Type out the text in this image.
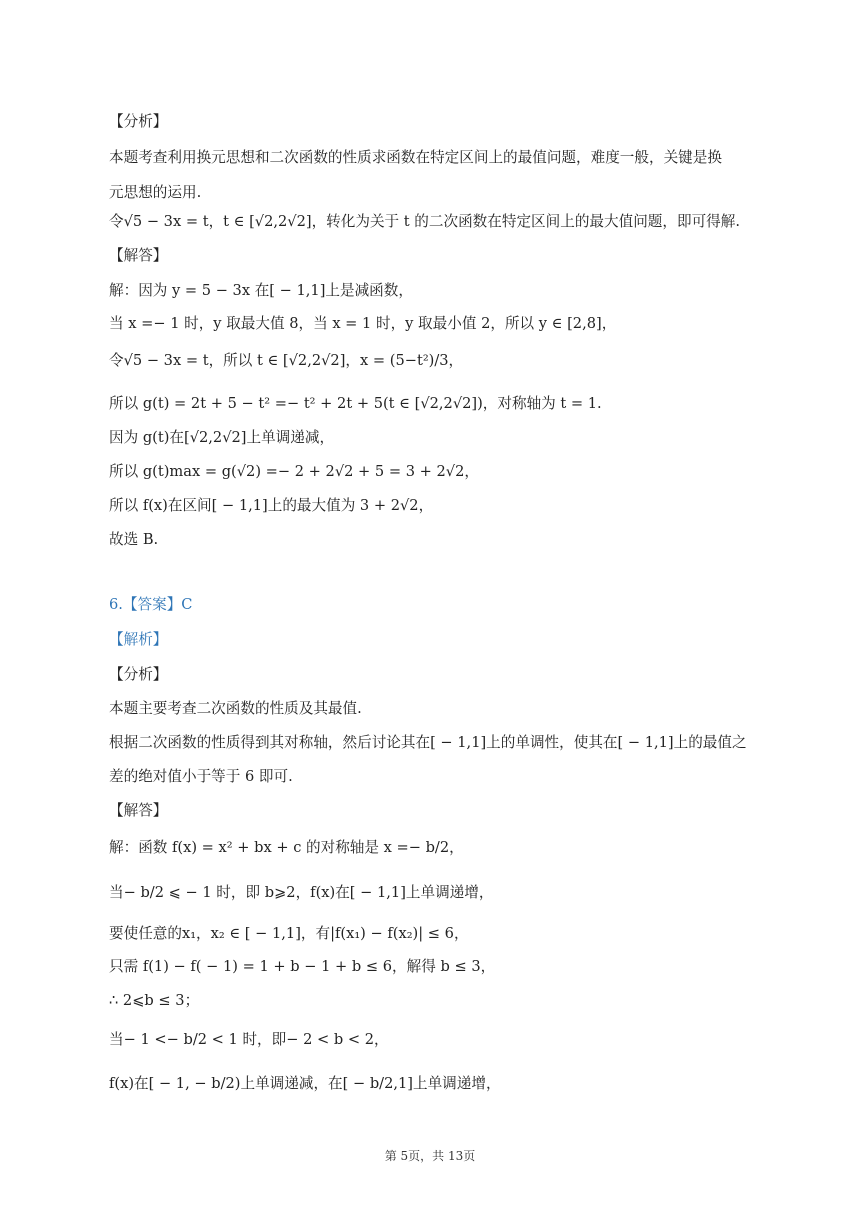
【分析】
本题考查利用换元思想和二次函数的性质求函数在特定区间上的最值问题，难度一般，关键是换
元思想的运用.
令√5 − 3x = t，t ∈ [√2,2√2]，转化为关于 t 的二次函数在特定区间上的最大值问题，即可得解.
【解答】
解：因为 y = 5 − 3x 在[ − 1,1]上是减函数，
当 x =− 1 时，y 取最大值 8，当 x = 1 时，y 取最小值 2，所以 y ∈ [2,8]，
令√5 − 3x = t，所以 t ∈ [√2,2√2]，x = (5−t²)/3，
所以 g(t) = 2t + 5 − t² =− t² + 2t + 5(t ∈ [√2,2√2])，对称轴为 t = 1.
因为 g(t)在[√2,2√2]上单调递减，
所以 g(t)max = g(√2) =− 2 + 2√2 + 5 = 3 + 2√2，
所以 f(x)在区间[ − 1,1]上的最大值为 3 + 2√2，
故选 B.
6.【答案】C
【解析】
【分析】
本题主要考查二次函数的性质及其最值.
根据二次函数的性质得到其对称轴，然后讨论其在[ − 1,1]上的单调性，使其在[ − 1,1]上的最值之
差的绝对值小于等于 6 即可.
【解答】
解：函数 f(x) = x² + bx + c 的对称轴是 x =− b/2，
当− b/2 ⩽ − 1 时，即 b⩾2，f(x)在[ − 1,1]上单调递增，
要使任意的x₁，x₂ ∈ [ − 1,1]，有|f(x₁) − f(x₂)| ≤ 6，
只需 f(1) − f( − 1) = 1 + b − 1 + b ≤ 6，解得 b ≤ 3，
∴ 2⩽b ≤ 3；
当− 1 <− b/2 < 1 时，即− 2 < b < 2，
f(x)在[ − 1, − b/2)上单调递减，在[ − b/2,1]上单调递增，
第 5页，共 13页
